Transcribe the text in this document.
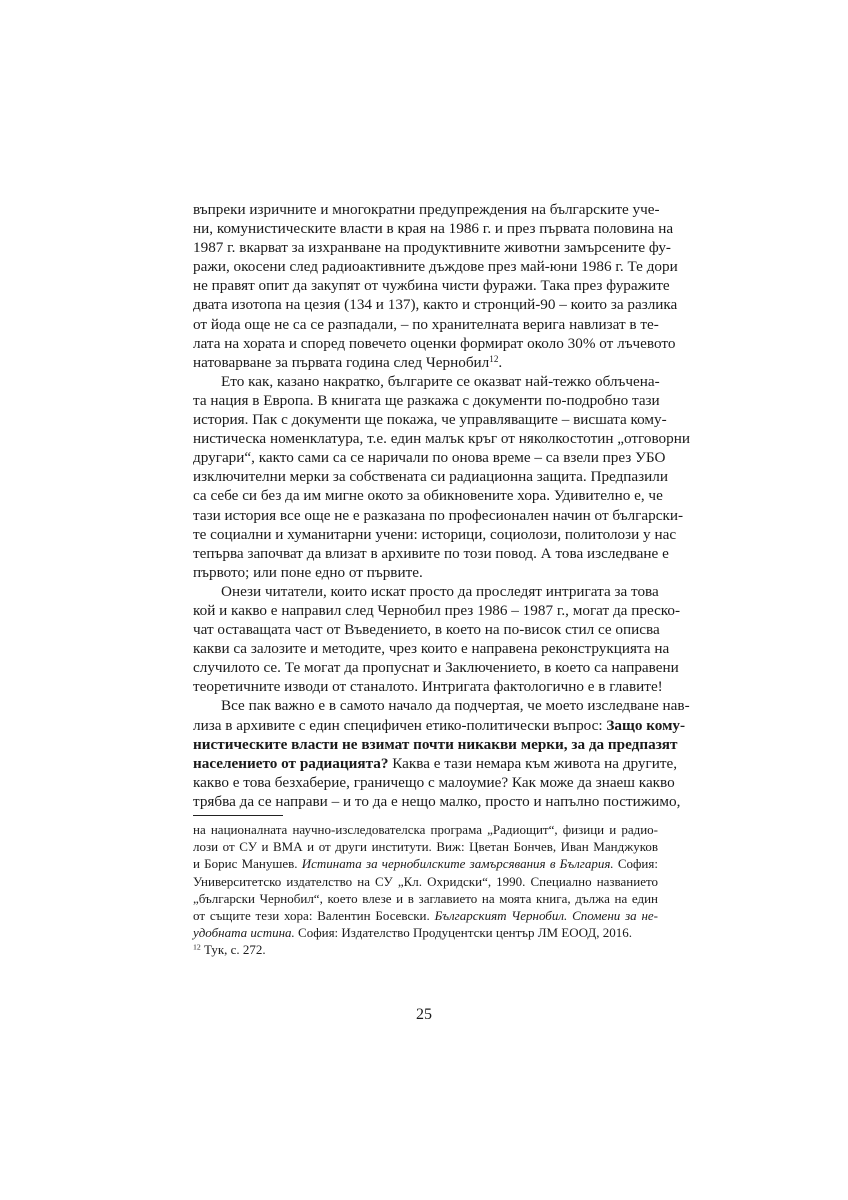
въпреки изричните и многократни предупреждения на българските уче-
ни, комунистическите власти в края на 1986 г. и през първата половина на
1987 г. вкарват за изхранване на продуктивните животни замърсените фу-
ражи, окосени след радиоактивните дъждове през май-юни 1986 г. Те дори
не правят опит да закупят от чужбина чисти фуражи. Така през фуражите
двата изотопа на цезия (134 и 137), както и стронций-90 – които за разлика
от йода още не са се разпадали, – по хранителната верига навлизат в те-
лата на хората и според повечето оценки формират около 30% от лъчевото
натоварване за първата година след Чернобил$^{12}$.
Ето как, казано накратко, българите се оказват най-тежко облъчена-
та нация в Европа. В книгата ще разкажа с документи по-подробно тази
история. Пак с документи ще покажа, че управляващите – висшата кому-
нистическа номенклатура, т.е. един малък кръг от няколкостотин „отговорни
другари“, както сами са се наричали по онова време – са взели през УБО
изключителни мерки за собствената си радиационна защита. Предпазили
са себе си без да им мигне окото за обикновените хора. Удивително е, че
тази история все още не е разказана по професионален начин от български-
те социални и хуманитарни учени: историци, социолози, политолози у нас
тепърва започват да влизат в архивите по този повод. А това изследване е
първото; или поне едно от първите.
Онези читатели, които искат просто да проследят интригата за това
кой и какво е направил след Чернобил през 1986 – 1987 г., могат да преско-
чат оставащата част от Въведението, в което на по-висок стил се описва
какви са залозите и методите, чрез които е направена реконструкцията на
случилото се. Те могат да пропуснат и Заключението, в което са направени
теоретичните изводи от станалото. Интригата фактологично е в главите!
Все пак важно е в самото начало да подчертая, че моето изследване нав-
лиза в архивите с един специфичен етико-политически въпрос: Защо кому-
нистическите власти не взимат почти никакви мерки, за да предпазят
населението от радиацията? Каква е тази немара към живота на другите,
какво е това безхаберие, граничещо с малоумие? Как може да знаеш какво
трябва да се направи – и то да е нещо малко, просто и напълно постижимо,
на националната научно-изследователска програма „Радиощит“, физици и радио-
лози от СУ и ВМА и от други институти. Виж: Цветан Бончев, Иван Манджуков
и Борис Манушев. Истината за чернобилските замърсявания в България. София:
Университетско издателство на СУ „Кл. Охридски“, 1990. Специално названието
„български Чернобил“, което влезе и в заглавието на моята книга, дължа на един
от същите тези хора: Валентин Босевски. Българският Чернобил. Спомени за не-
удобната истина. София: Издателство Продуцентски център ЛМ ЕООД, 2016.
$^{12}$ Тук, с. 272.
25
